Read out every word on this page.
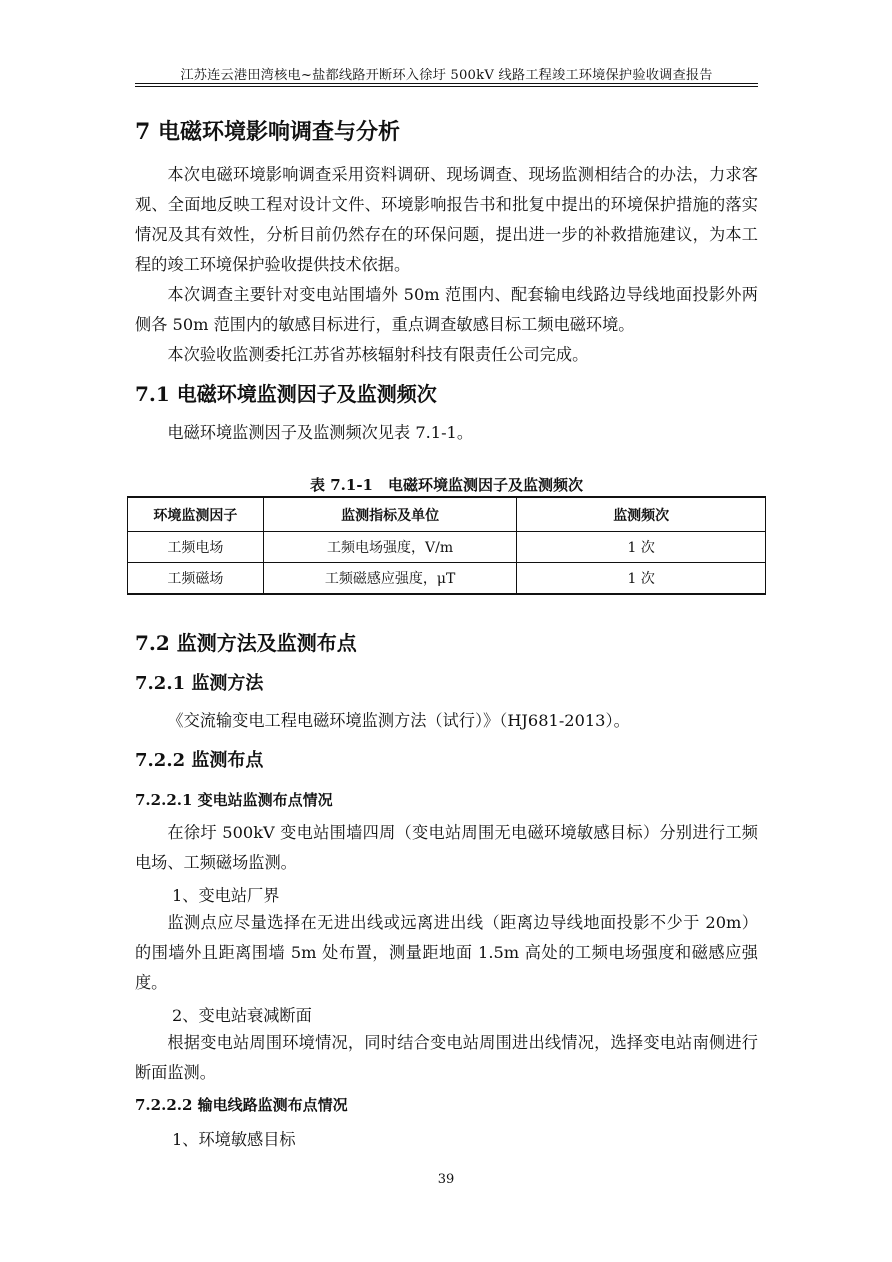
江苏连云港田湾核电~盐都线路开断环入徐圩 500kV 线路工程竣工环境保护验收调查报告
7 电磁环境影响调查与分析

本次电磁环境影响调查采用资料调研、现场调查、现场监测相结合的办法，力求客观、全面地反映工程对设计文件、环境影响报告书和批复中提出的环境保护措施的落实情况及其有效性，分析目前仍然存在的环保问题，提出进一步的补救措施建议，为本工程的竣工环境保护验收提供技术依据。

本次调查主要针对变电站围墙外 50m 范围内、配套输电线路边导线地面投影外两侧各 50m 范围内的敏感目标进行，重点调查敏感目标工频电磁环境。

本次验收监测委托江苏省苏核辐射科技有限责任公司完成。

7.1 电磁环境监测因子及监测频次

电磁环境监测因子及监测频次见表 7.1-1。

表 7.1-1　电磁环境监测因子及监测频次
环境监测因子	监测指标及单位	监测频次
工频电场	工频电场强度，V/m	1 次
工频磁场	工频磁感应强度，μT	1 次
7.2 监测方法及监测布点
7.2.1 监测方法

《交流输变电工程电磁环境监测方法（试行）》（HJ681-2013）。

7.2.2 监测布点
7.2.2.1 变电站监测布点情况

在徐圩 500kV 变电站围墙四周（变电站周围无电磁环境敏感目标）分别进行工频电场、工频磁场监测。

1、变电站厂界

监测点应尽量选择在无进出线或远离进出线（距离边导线地面投影不少于 20m）的围墙外且距离围墙 5m 处布置，测量距地面 1.5m 高处的工频电场强度和磁感应强度。

2、变电站衰减断面

根据变电站周围环境情况，同时结合变电站周围进出线情况，选择变电站南侧进行断面监测。

7.2.2.2 输电线路监测布点情况
1、环境敏感目标
39
